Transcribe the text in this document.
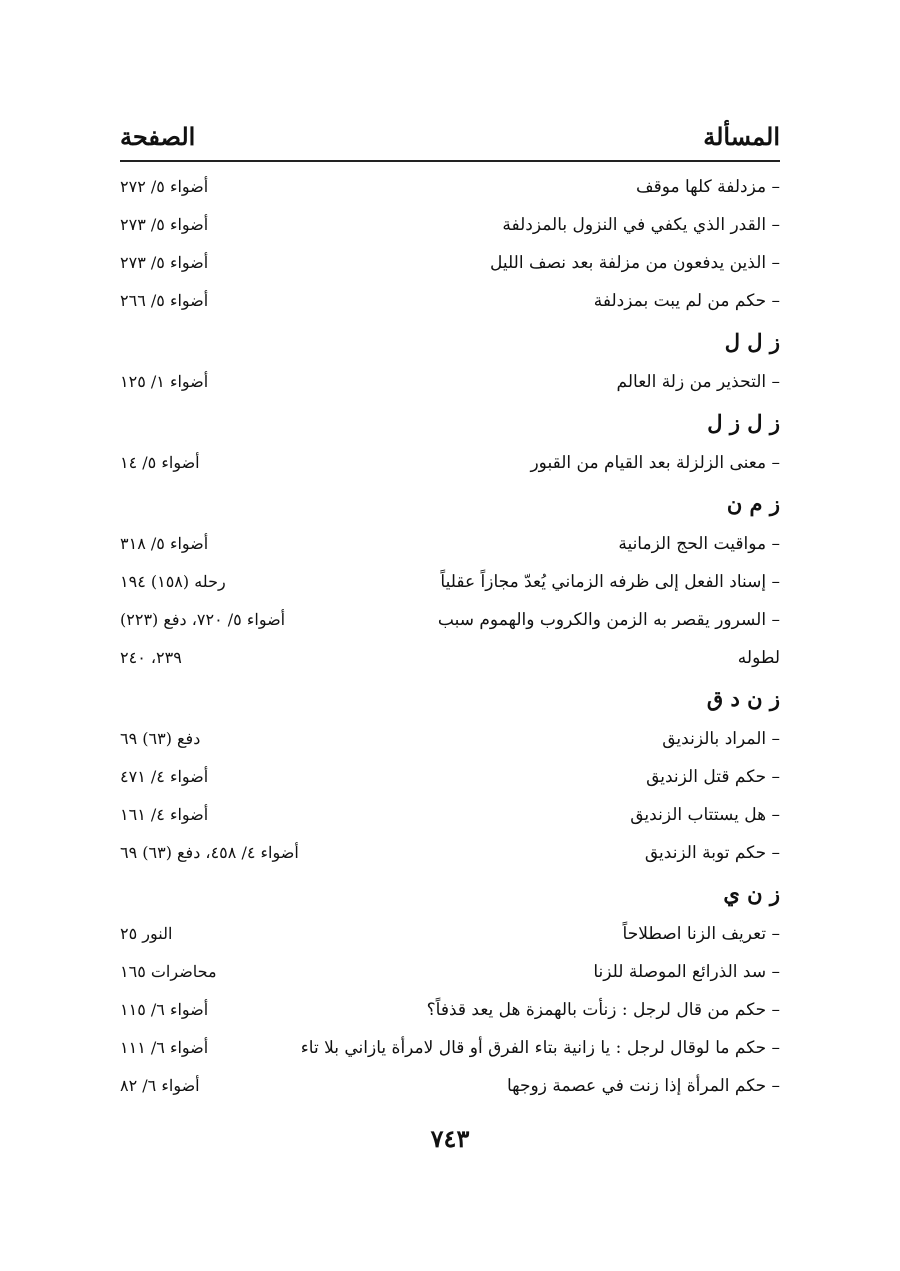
الصفحة	المسألة
– مزدلفة كلها موقف
أضواء ٥/ ٢٧٢
– القدر الذي يكفي في النزول بالمزدلفة
أضواء ٥/ ٢٧٣
– الذين يدفعون من مزلفة بعد نصف الليل
أضواء ٥/ ٢٧٣
– حكم من لم يبت بمزدلفة
أضواء ٥/ ٢٦٦
ز ل ل
– التحذير من زلة العالم
أضواء ١/ ١٢٥
ز ل ز ل
– معنى الزلزلة بعد القيام من القبور
أضواء ٥/ ١٤
ز م ن
– مواقيت الحج الزمانية
أضواء ٥/ ٣١٨
– إسناد الفعل إلى ظرفه الزماني يُعدّ مجازاً عقلياً
رحله (١٥٨) ١٩٤
– السرور يقصر به الزمن والكروب والهموم سبب
أضواء ٥/ ٧٢٠، دفع (٢٢٣)
لطوله
٢٣٩، ٢٤٠
ز ن د ق
– المراد بالزنديق
دفع (٦٣) ٦٩
– حكم قتل الزنديق
أضواء ٤/ ٤٧١
– هل يستتاب الزنديق
أضواء ٤/ ١٦١
– حكم توبة الزنديق
أضواء ٤/ ٤٥٨، دفع (٦٣) ٦٩
ز ن ي
– تعريف الزنا اصطلاحاً
النور ٢٥
– سد الذرائع الموصلة للزنا
محاضرات ١٦٥
– حكم من قال لرجل : زنأت بالهمزة هل يعد قذفاً؟
أضواء ٦/ ١١٥
– حكم ما لوقال لرجل : يا زانية بتاء الفرق أو قال لامرأة يازاني بلا تاء
أضواء ٦/ ١١١
– حكم المرأة إذا زنت في عصمة زوجها
أضواء ٦/ ٨٢
٧٤٣
